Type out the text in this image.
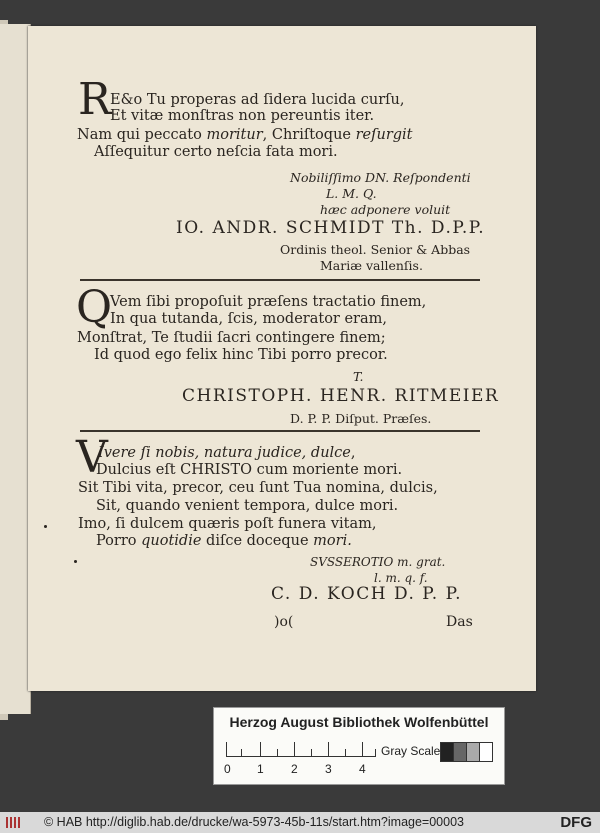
R
E&o Tu properas ad ſidera lucida curſu,
Et vitæ monſtras non pereuntis iter.
Nam qui peccato moritur, Chriſtoque reſurgit
Aſſequitur certo neſcia fata mori.
Nobiliſſimo DN. Reſpondenti
L. M. Q.
hæc adponere voluit
IO. ANDR. SCHMIDT Th. D.P.P.
Ordinis theol. Senior & Abbas
Mariæ vallenſis.
Q
Vem ſibi propoſuit præſens tractatio finem,
In qua tutanda, ſcis, moderator eram,
Monſtrat, Te ſtudii ſacri contingere finem;
Id quod ego felix hinc Tibi porro precor.
T.
CHRISTOPH. HENR. RITMEIER
D. P. P. Diſput. Præſes.
V
Ivere ſi nobis, natura judice, dulce,
Dulcius eſt CHRISTO cum moriente mori.
Sit Tibi vita, precor, ceu ſunt Tua nomina, dulcis,
Sit, quando venient tempora, dulce mori.
Imo, ſi dulcem quæris poſt funera vitam,
Porro quotidie diſce doceque mori.
SVSSEROTIO m. grat.
l. m. q. f.
C. D. KOCH D. P. P.
)o(	Das
Herzog August Bibliothek Wolfenbüttel
0 1 2 3 4
Gray Scale
© HAB http://diglib.hab.de/drucke/wa-5973-45b-11s/start.htm?image=00003	DFG
